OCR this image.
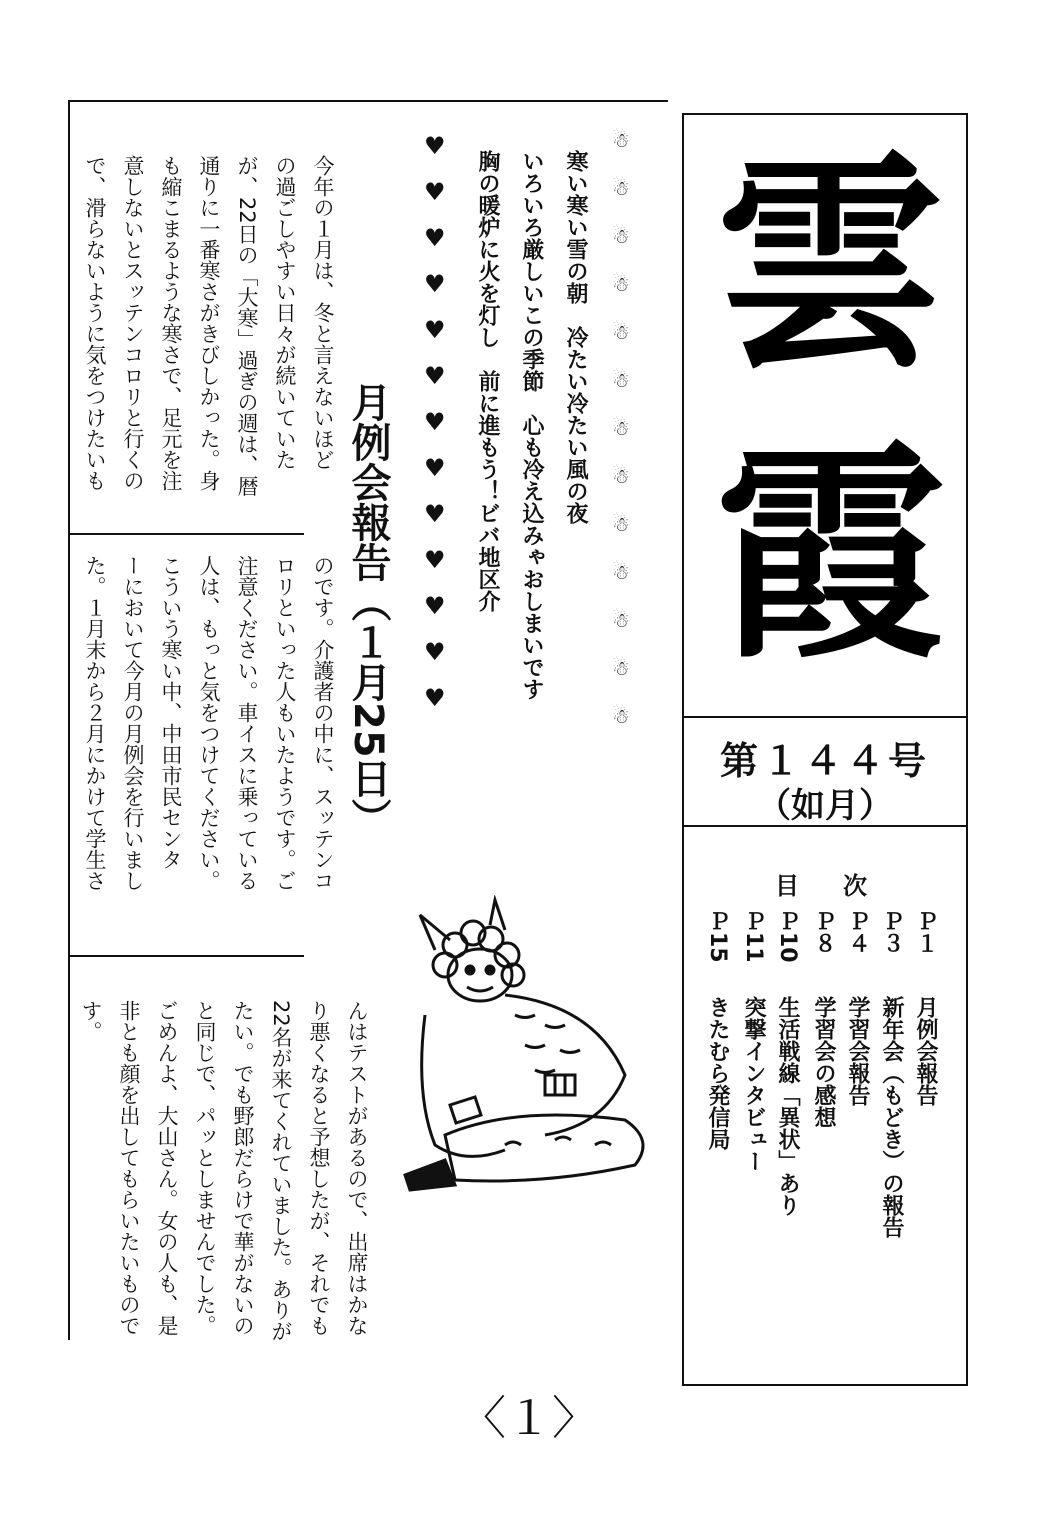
雲
霞
第１４４号
（如月）
目　次
Ｐ１
月例会報告
Ｐ３
新年会（もどき）の報告
Ｐ４
学習会報告
Ｐ８
学習会の感想
Ｐ10
生活戦線「異状」あり
Ｐ11
突撃インタビュー
Ｐ15
きたむら発信局
☃
☃
☃
☃
☃
☃
☃
☃
☃
☃
☃
☃
☃
寒い寒い雪の朝　冷たい冷たい風の夜
いろいろ厳しいこの季節　心も冷え込みゃおしまいです
胸の暖炉に火を灯し　前に進もう！ビバ地区介
♥
♥
♥
♥
♥
♥
♥
♥
♥
♥
♥
♥
♥
月例会報告（１月25日）
今年の１月は、冬と言えないほど
の過ごしやすい日々が続いていた
が、22日の「大寒」過ぎの週は、暦
通りに一番寒さがきびしかった。身
も縮こまるような寒さで、足元を注
意しないとスッテンコロリと行くの
で、滑らないように気をつけたいも
のです。介護者の中に、スッテンコ
ロリといった人もいたようです。ご
注意ください。車イスに乗っている
人は、もっと気をつけてください。
こういう寒い中、中田市民センタ
ーにおいて今月の月例会を行いまし
た。１月末から２月にかけて学生さ
んはテストがあるので、出席はかな
り悪くなると予想したが、それでも
22名が来てくれていました。ありが
たい。でも野郎だらけで華がないの
と同じで、パッとしませんでした。
ごめんよ、大山さん。女の人も、是
非とも顔を出してもらいたいもので
す。
〈１〉
